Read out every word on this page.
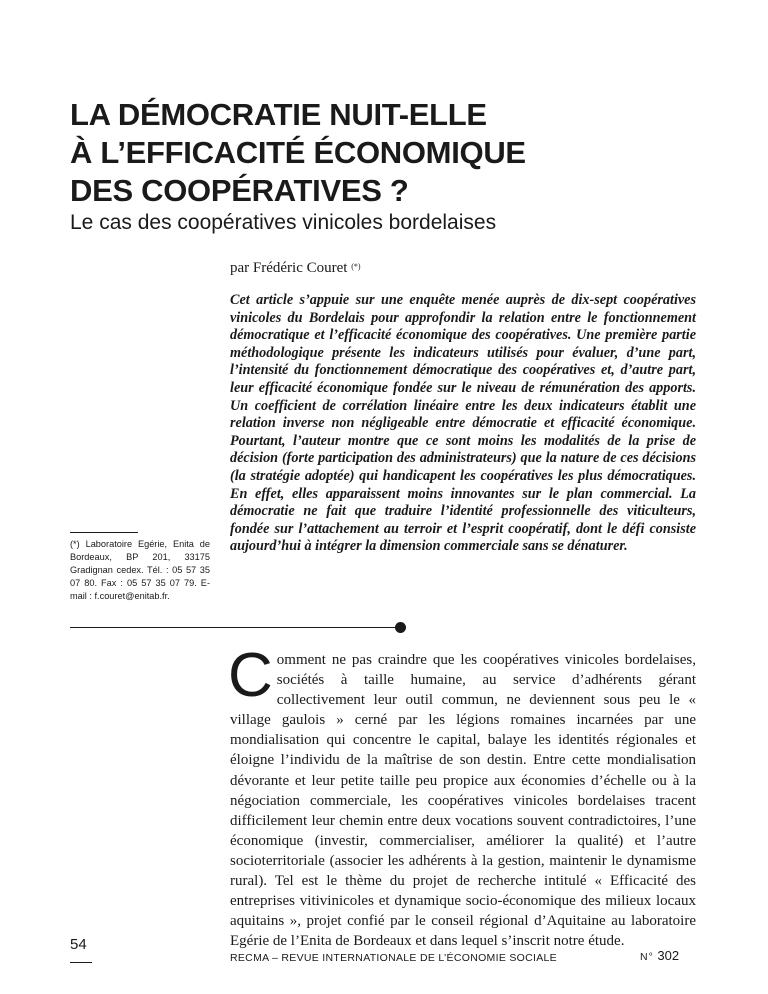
LA DÉMOCRATIE NUIT-ELLE
À L’EFFICACITÉ ÉCONOMIQUE
DES COOPÉRATIVES ?
Le cas des coopératives vinicoles bordelaises
par Frédéric Couret (*)

Cet article s’appuie sur une enquête menée auprès de dix-sept coopératives vinicoles du Bordelais pour approfondir la relation entre le fonctionnement démocratique et l’efficacité économique des coopératives. Une première partie méthodologique présente les indicateurs utilisés pour évaluer, d’une part, l’intensité du fonctionnement démocratique des coopératives et, d’autre part, leur efficacité économique fondée sur le niveau de rémunération des apports. Un coefficient de corrélation linéaire entre les deux indicateurs établit une relation inverse non négligeable entre démocratie et efficacité économique. Pourtant, l’auteur montre que ce sont moins les modalités de la prise de décision (forte participation des administrateurs) que la nature de ces décisions (la stratégie adoptée) qui handicapent les coopératives les plus démocratiques. En effet, elles apparaissent moins innovantes sur le plan commercial. La démocratie ne fait que traduire l’identité professionnelle des viticulteurs, fondée sur l’attachement au terroir et l’esprit coopératif, dont le défi consiste aujourd’hui à intégrer la dimension commerciale sans se dénaturer.

(*) Laboratoire Egérie, Enita de Bordeaux, BP 201, 33175 Gradignan cedex. Tél. : 05 57 35 07 80. Fax : 05 57 35 07 79. E-mail : f.couret@enitab.fr.

Comment ne pas craindre que les coopératives vinicoles bordelaises, sociétés à taille humaine, au service d’adhérents gérant collectivement leur outil commun, ne deviennent sous peu le « village gaulois » cerné par les légions romaines incarnées par une mondialisation qui concentre le capital, balaye les identités régionales et éloigne l’individu de la maîtrise de son destin. Entre cette mondialisation dévorante et leur petite taille peu propice aux économies d’échelle ou à la négociation commerciale, les coopératives vinicoles bordelaises tracent difficilement leur chemin entre deux vocations souvent contradictoires, l’une économique (investir, commercialiser, améliorer la qualité) et l’autre socioterritoriale (associer les adhérents à la gestion, maintenir le dynamisme rural). Tel est le thème du projet de recherche intitulé « Efficacité des entreprises vitivinicoles et dynamique socio-économique des milieux locaux aquitains », projet confié par le conseil régional d’Aquitaine au laboratoire Egérie de l’Enita de Bordeaux et dans lequel s’inscrit notre étude.

54
RECMA – REVUE INTERNATIONALE DE L’ÉCONOMIE SOCIALE	N° 302
